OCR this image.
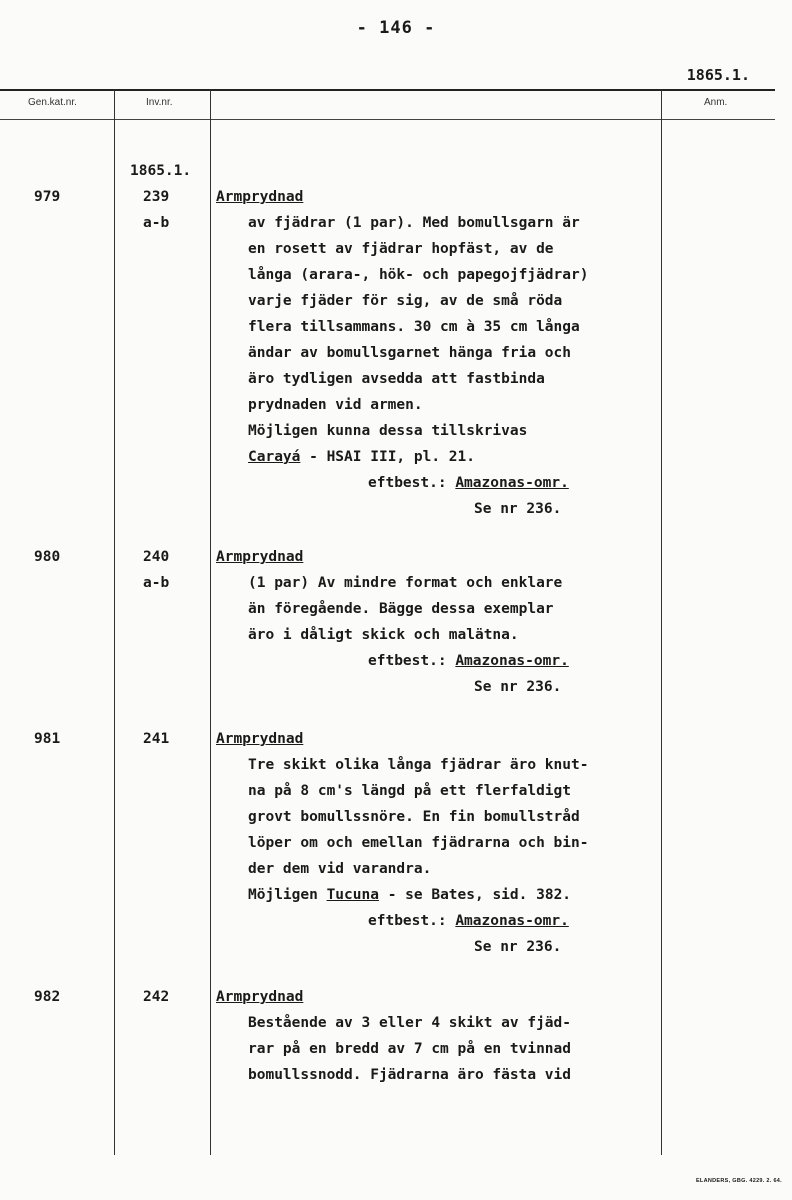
- 146 -
1865.1.
Gen.kat.nr.	Inv.nr.	Anm.
1865.1.
979	239
a-b
Armprydnad
av fjädrar (1 par). Med bomullsgarn är
en rosett av fjädrar hopfäst, av de
långa (arara-, hök- och papegojfjädrar)
varje fjäder för sig, av de små röda
flera tillsammans. 30 cm à 35 cm långa
ändar av bomullsgarnet hänga fria och
äro tydligen avsedda att fastbinda
prydnaden vid armen.
Möjligen kunna dessa tillskrivas
Carayá - HSAI III, pl. 21.
eftbest.: Amazonas-omr.
Se nr 236.
980	240
a-b
Armprydnad
(1 par) Av mindre format och enklare
än föregående. Bägge dessa exemplar
äro i dåligt skick och malätna.
eftbest.: Amazonas-omr.
Se nr 236.
981	241	Armprydnad
Tre skikt olika långa fjädrar äro knut-
na på 8 cm's längd på ett flerfaldigt
grovt bomullssnöre. En fin bomullstråd
löper om och emellan fjädrarna och bin-
der dem vid varandra.
Möjligen Tucuna - se Bates, sid. 382.
eftbest.: Amazonas-omr.
Se nr 236.
982	242	Armprydnad
Bestående av 3 eller 4 skikt av fjäd-
rar på en bredd av 7 cm på en tvinnad
bomullssnodd. Fjädrarna äro fästa vid
ELANDERS, GBG. 4229. 2. 64.
